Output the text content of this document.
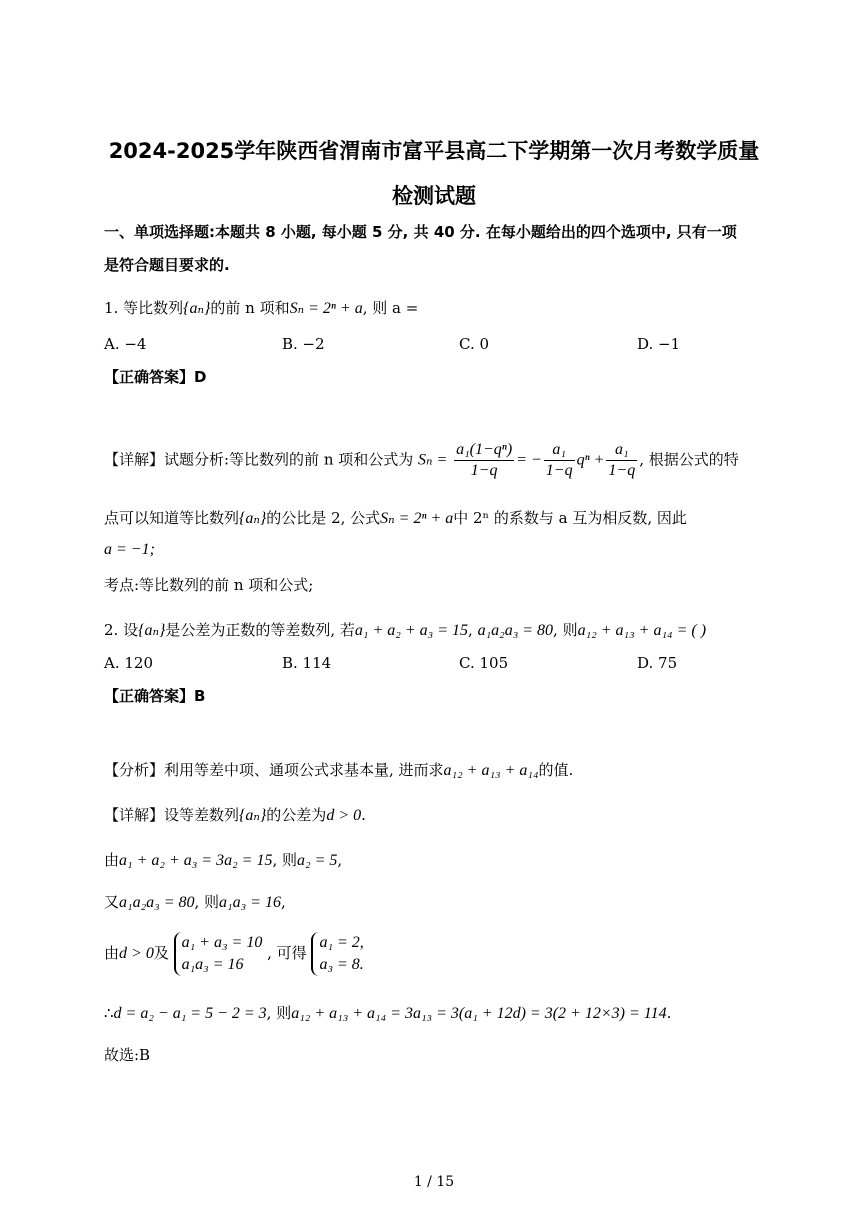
2024-2025学年陕西省渭南市富平县高二下学期第一次月考数学质量
检测试题
一、单项选择题:本题共 8 小题, 每小题 5 分, 共 40 分. 在每小题给出的四个选项中, 只有一项
是符合题目要求的.
1. 等比数列{aₙ}的前 n 项和Sₙ = 2ⁿ + a, 则 a =
A. −4	B. −2	C. 0	D. −1
【正确答案】D
【详解】试题分析:等比数列的前 n 项和公式为 $S_n = \frac{\text{a₁(1−qⁿ)}}{1-q}$ = − $\frac{\text{a₁}}{1-q}$ $q^n + \frac{\text{a₁}}{1-q}$ , 根据公式的特
点可以知道等比数列{aₙ}的公比是 2, 公式Sₙ = 2ⁿ + a中 2ⁿ 的系数与 a 互为相反数, 因此
a = −1;
考点:等比数列的前 n 项和公式;
2. 设{aₙ}是公差为正数的等差数列, 若a₁ + a₂ + a₃ = 15, a₁a₂a₃ = 80, 则a₁₂ + a₁₃ + a₁₄ = ( )
A. 120	B. 114	C. 105	D. 75
【正确答案】B
【分析】利用等差中项、通项公式求基本量, 进而求a₁₂ + a₁₃ + a₁₄的值.
【详解】设等差数列{aₙ}的公差为d > 0.
由a₁ + a₂ + a₃ = 3a₂ = 15, 则a₂ = 5,
又a₁a₂a₃ = 80, 则a₁a₃ = 16,
由d > 0及 a₁ + a₃ = 10
a₁a₃ = 16 , 可得 a₁ = 2,
a₃ = 8.
∴d = a₂ − a₁ = 5 − 2 = 3, 则a₁₂ + a₁₃ + a₁₄ = 3a₁₃ = 3(a₁ + 12d) = 3(2 + 12×3) = 114.
故选:B
1 / 15
